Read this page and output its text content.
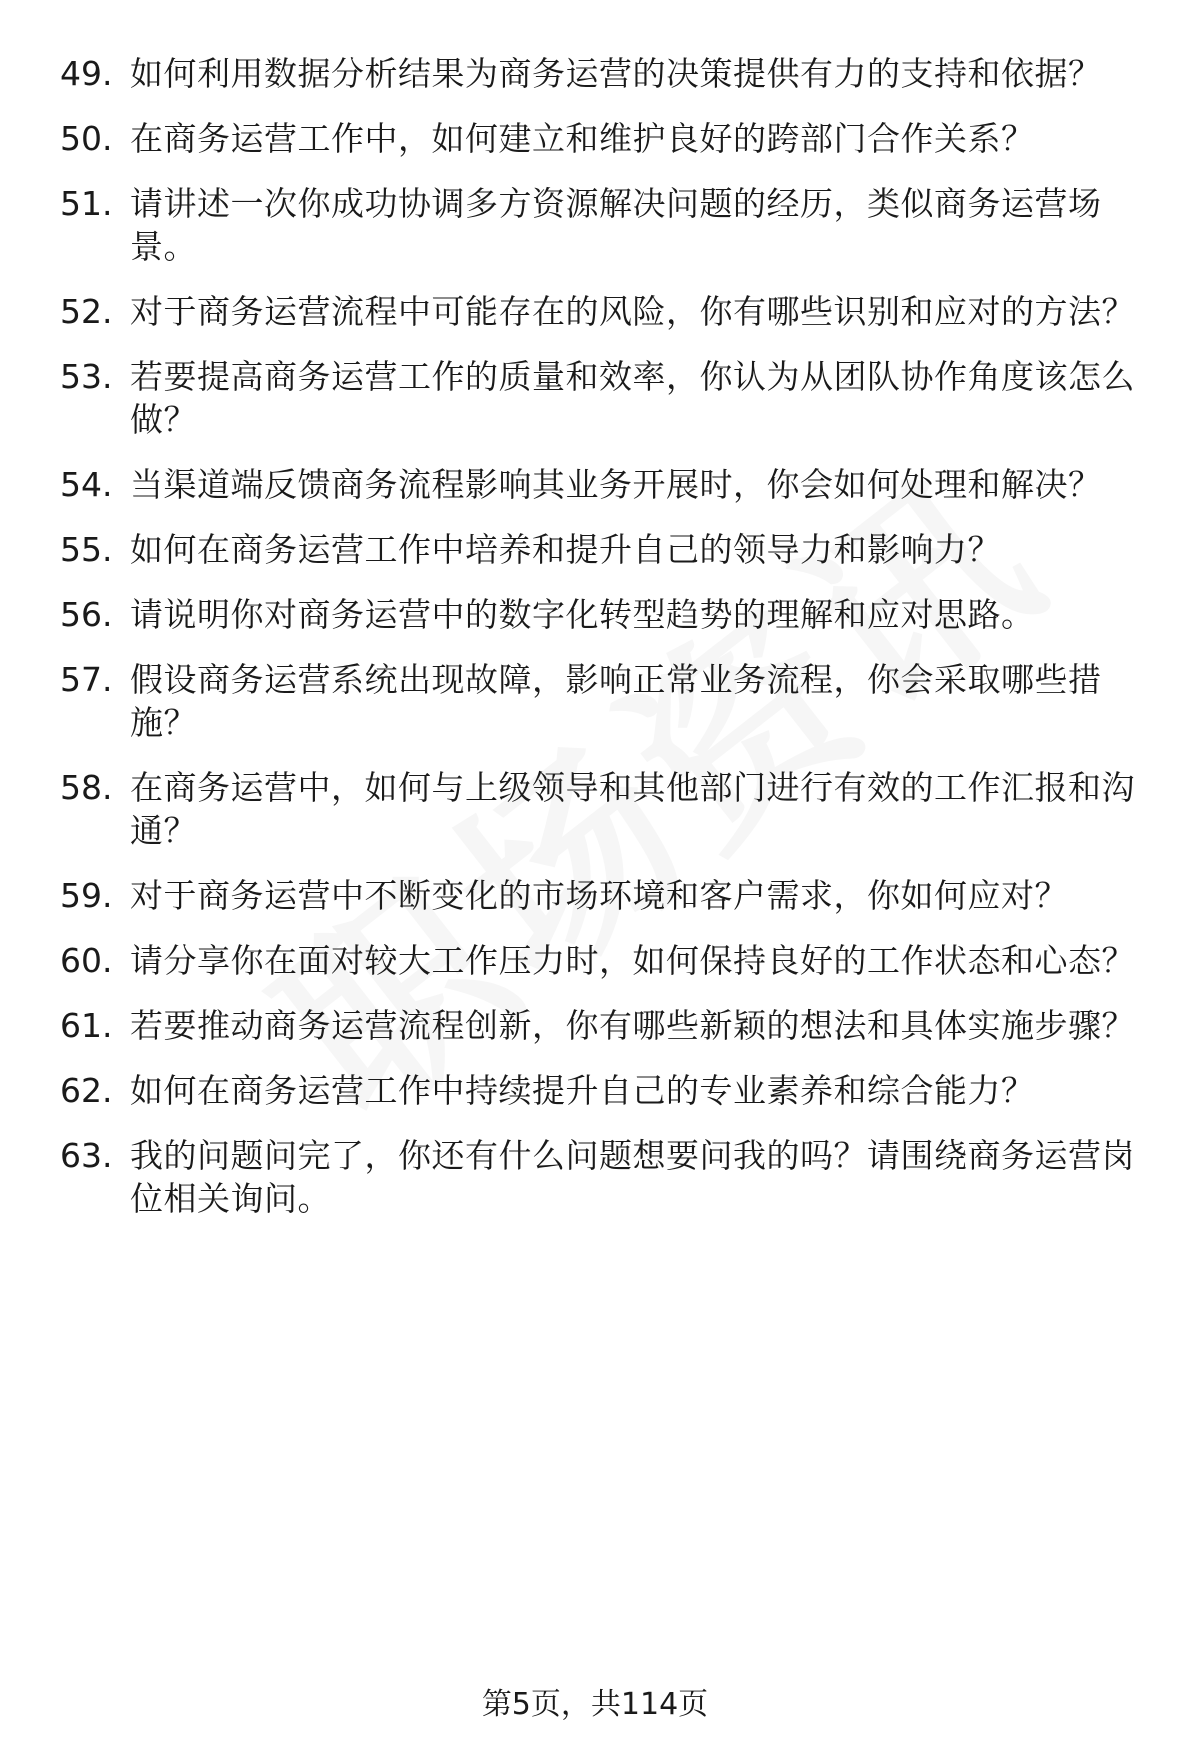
49. 如何利用数据分析结果为商务运营的决策提供有力的支持和依据？
50. 在商务运营工作中，如何建立和维护良好的跨部门合作关系？
51. 请讲述一次你成功协调多方资源解决问题的经历，类似商务运营场景。
52. 对于商务运营流程中可能存在的风险，你有哪些识别和应对的方法？
53. 若要提高商务运营工作的质量和效率，你认为从团队协作角度该怎么做？
54. 当渠道端反馈商务流程影响其业务开展时，你会如何处理和解决？
55. 如何在商务运营工作中培养和提升自己的领导力和影响力？
56. 请说明你对商务运营中的数字化转型趋势的理解和应对思路。
57. 假设商务运营系统出现故障，影响正常业务流程，你会采取哪些措施？
58. 在商务运营中，如何与上级领导和其他部门进行有效的工作汇报和沟通？
59. 对于商务运营中不断变化的市场环境和客户需求，你如何应对？
60. 请分享你在面对较大工作压力时，如何保持良好的工作状态和心态？
61. 若要推动商务运营流程创新，你有哪些新颖的想法和具体实施步骤？
62. 如何在商务运营工作中持续提升自己的专业素养和综合能力？
63. 我的问题问完了，你还有什么问题想要问我的吗？请围绕商务运营岗位相关询问。
第5页，共114页
